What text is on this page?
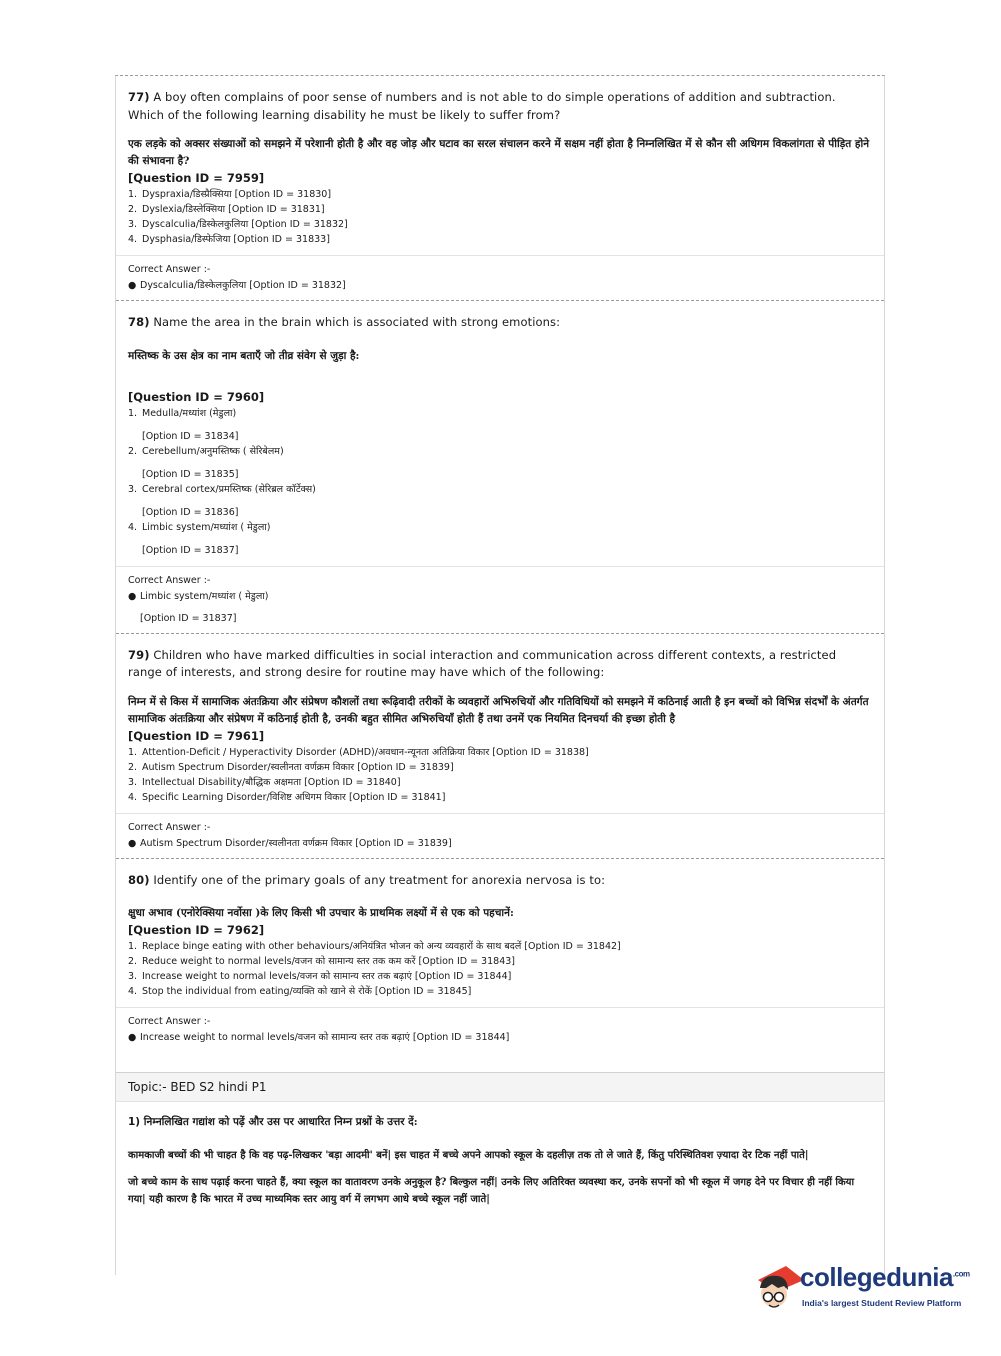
77) A boy often complains of poor sense of numbers and is not able to do simple operations of addition and subtraction. Which of the following learning disability he must be likely to suffer from?

एक लड़के को अक्सर संख्याओं को समझने में परेशानी होती है और वह जोड़ और घटाव का सरल संचालन करने में सक्षम नहीं होता है निम्नलिखित में से कौन सी अधिगम विकलांगता से पीड़ित होने की संभावना है?

[Question ID = 7959]

1. Dyspraxia/डिस्प्रैक्सिया [Option ID = 31830]
2. Dyslexia/डिस्लेक्सिया [Option ID = 31831]
3. Dyscalculia/डिस्केलकुलिया [Option ID = 31832]
4. Dysphasia/डिस्फेजिया [Option ID = 31833]
Correct Answer :-
● Dyscalculia/डिस्केलकुलिया [Option ID = 31832]

78) Name the area in the brain which is associated with strong emotions:

मस्तिष्क के उस क्षेत्र का नाम बताएँ जो तीव्र संवेग से जुड़ा है:

[Question ID = 7960]

1. Medulla/मध्यांश (मेडुला)
[Option ID = 31834]
2. Cerebellum/अनुमस्तिष्क ( सेरिबेलम)
[Option ID = 31835]
3. Cerebral cortex/प्रमस्तिष्क (सेरिब्रल कॉर्टेक्स)
[Option ID = 31836]
4. Limbic system/मध्यांश ( मेडुला)
[Option ID = 31837]
Correct Answer :-
● Limbic system/मध्यांश ( मेडुला)
[Option ID = 31837]

79) Children who have marked difficulties in social interaction and communication across different contexts, a restricted range of interests, and strong desire for routine may have which of the following:

निम्न में से किस में सामाजिक अंतःक्रिया और संप्रेषण कौशलों तथा रूढ़िवादी तरीकों के व्यवहारों अभिरुचियों और गतिविधियों को समझने में कठिनाई आती है इन बच्चों को विभिन्न संदर्भों के अंतर्गत सामाजिक अंतःक्रिया और संप्रेषण में कठिनाई होती है, उनकी बहुत सीमित अभिरुचियाँ होती हैं तथा उनमें एक नियमित दिनचर्या की इच्छा होती है

[Question ID = 7961]

1. Attention-Deficit / Hyperactivity Disorder (ADHD)/अवधान-न्यूनता अतिक्रिया विकार [Option ID = 31838]
2. Autism Spectrum Disorder/स्वलीनता वर्णक्रम विकार [Option ID = 31839]
3. Intellectual Disability/बौद्धिक अक्षमता [Option ID = 31840]
4. Specific Learning Disorder/विशिष्ट अधिगम विकार [Option ID = 31841]
Correct Answer :-
● Autism Spectrum Disorder/स्वलीनता वर्णक्रम विकार [Option ID = 31839]

80) Identify one of the primary goals of any treatment for anorexia nervosa is to:

क्षुधा अभाव (एनोरेक्सिया नर्वोसा )के लिए किसी भी उपचार के प्राथमिक लक्ष्यों में से एक को पहचानें:

[Question ID = 7962]

1. Replace binge eating with other behaviours/अनियंत्रित भोजन को अन्य व्यवहारों के साथ बदलें [Option ID = 31842]
2. Reduce weight to normal levels/वजन को सामान्य स्तर तक कम करें [Option ID = 31843]
3. Increase weight to normal levels/वजन को सामान्य स्तर तक बढ़ाएं [Option ID = 31844]
4. Stop the individual from eating/व्यक्ति को खाने से रोकें [Option ID = 31845]
Correct Answer :-
● Increase weight to normal levels/वजन को सामान्य स्तर तक बढ़ाएं [Option ID = 31844]
Topic:- BED S2 hindi P1

1) निम्नलिखित गद्यांश को पढ़ें और उस पर आधारित निम्न प्रश्नों के उत्तर दें:

कामकाजी बच्चों की भी चाहत है कि वह पढ़-लिखकर 'बड़ा आदमी' बनें| इस चाहत में बच्चे अपने आपको स्कूल के दहलीज़ तक तो ले जाते हैं, किंतु परिस्थितिवश ज़्यादा देर टिक नहीं पाते|

जो बच्चे काम के साथ पढ़ाई करना चाहते हैं, क्या स्कूल का वातावरण उनके अनुकूल है? बिल्कुल नहीं| उनके लिए अतिरिक्त व्यवस्था कर, उनके सपनों को भी स्कूल में जगह देने पर विचार ही नहीं किया गया| यही कारण है कि भारत में उच्च माध्यमिक स्तर आयु वर्ग में लगभग आधे बच्चे स्कूल नहीं जाते|

collegedunia$^{.com}$
India's largest Student Review Platform
